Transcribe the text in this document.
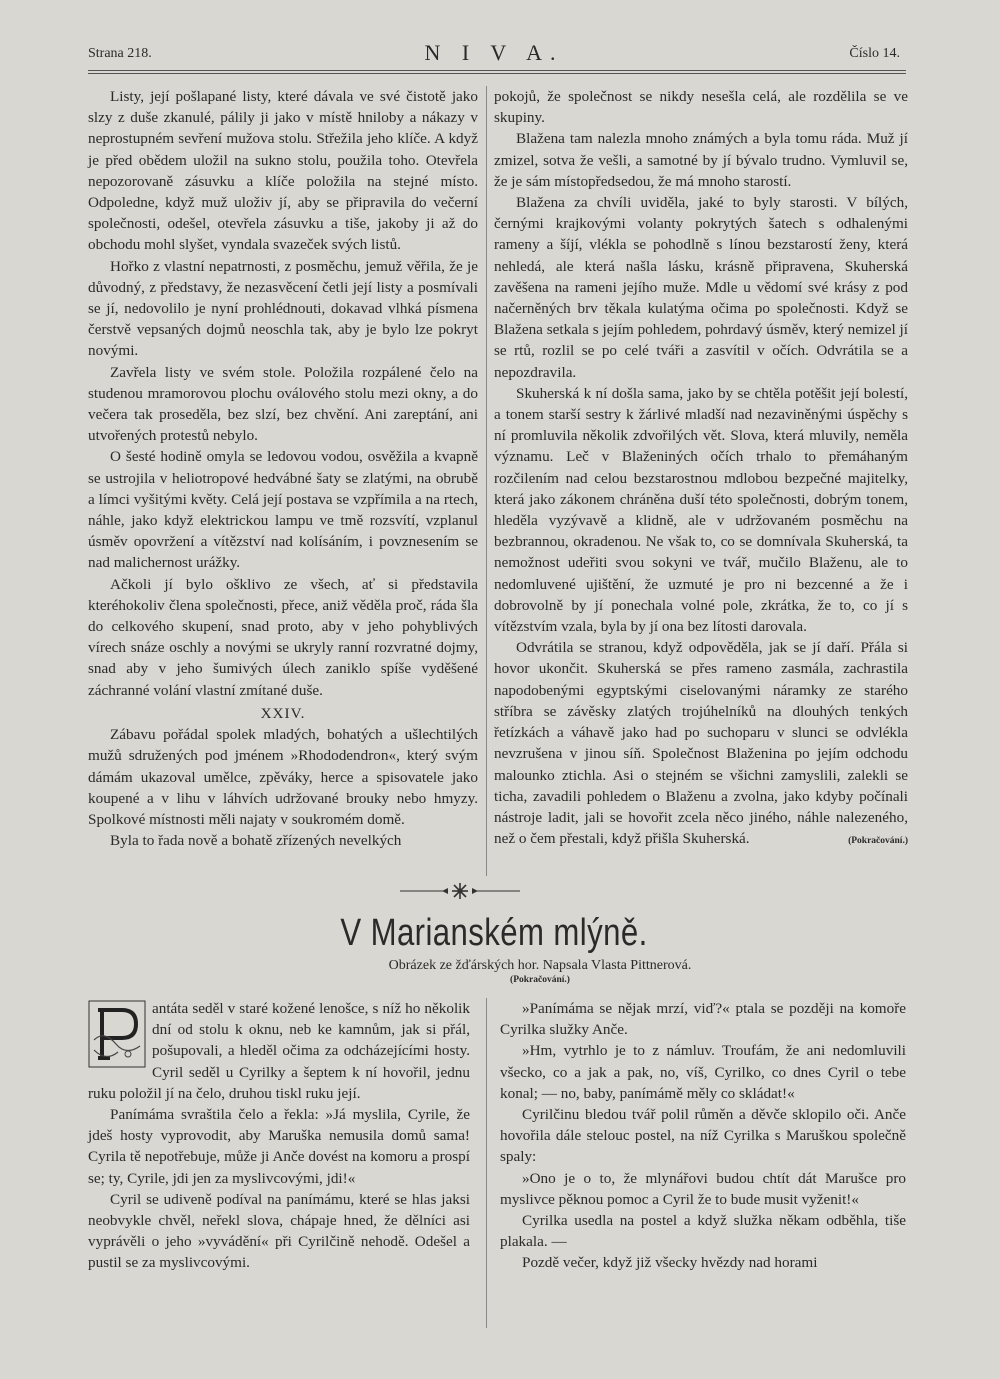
Strana 218.	N I V A.	Číslo 14.

Listy, její pošlapané listy, které dávala ve své čistotě jako slzy z duše zkanulé, pálily ji jako v místě hniloby a nákazy v neprostupném sevření mužova stolu. Střežila jeho klíče. A když je před obědem uložil na sukno stolu, použila toho. Otevřela nepozorovaně zásuvku a klíče položila na stejné místo. Odpoledne, když muž uloživ jí, aby se připravila do večerní společnosti, odešel, otevřela zásuvku a tiše, jakoby ji až do obchodu mohl slyšet, vyndala svazeček svých listů.

Hořko z vlastní nepatrnosti, z posměchu, jemuž věřila, že je důvodný, z představy, že nezasvěcení četli její listy a posmívali se jí, nedovolilo je nyní prohlédnouti, dokavad vlhká písmena čerstvě vepsaných dojmů neoschla tak, aby je bylo lze pokryt novými.

Zavřela listy ve svém stole. Položila rozpálené čelo na studenou mramorovou plochu oválového stolu mezi okny, a do večera tak proseděla, bez slzí, bez chvění. Ani zareptání, ani utvořených protestů nebylo.

O šesté hodině omyla se ledovou vodou, osvěžila a kvapně se ustrojila v heliotropové hedvábné šaty se zlatými, na obrubě a límci vyšitými květy. Celá její postava se vzpřímila a na rtech, náhle, jako když elektrickou lampu ve tmě rozsvítí, vzplanul úsměv opovržení a vítězství nad kolísáním, i povznesením se nad malichernost urážky.

Ačkoli jí bylo ošklivo ze všech, ať si představila kteréhokoliv člena společnosti, přece, aniž věděla proč, ráda šla do celkového skupení, snad proto, aby v jeho pohyblivých vírech snáze oschly a novými se ukryly ranní rozvratné dojmy, snad aby v jeho šumivých úlech zaniklo spíše vyděšené záchranné volání vlastní zmítané duše.

XXIV.

Zábavu pořádal spolek mladých, bohatých a ušlechtilých mužů sdružených pod jménem »Rhododendron«, který svým dámám ukazoval umělce, zpěváky, herce a spisovatele jako koupené a v lihu v láhvích udržované brouky nebo hmyzy. Spolkové místnosti měli najaty v soukromém domě.

Byla to řada nově a bohatě zřízených nevelkých

pokojů, že společnost se nikdy nesešla celá, ale rozdělila se ve skupiny.

Blažena tam nalezla mnoho známých a byla tomu ráda. Muž jí zmizel, sotva že vešli, a samotné by jí bývalo trudno. Vymluvil se, že je sám místopředsedou, že má mnoho starostí.

Blažena za chvíli uviděla, jaké to byly starosti. V bílých, černými krajkovými volanty pokrytých šatech s odhalenými rameny a šíjí, vlékla se pohodlně s línou bezstarostí ženy, která nehledá, ale která našla lásku, krásně připravena, Skuherská zavěšena na rameni jejího muže. Mdle u vědomí své krásy z pod načerněných brv těkala kulatýma očima po společnosti. Když se Blažena setkala s jejím pohledem, pohrdavý úsměv, který nemizel jí se rtů, rozlil se po celé tváři a zasvítil v očích. Odvrátila se a nepozdravila.

Skuherská k ní došla sama, jako by se chtěla potěšit její bolestí, a tonem starší sestry k žárlivé mladší nad nezaviněnými úspěchy s ní promluvila několik zdvořilých vět. Slova, která mluvily, neměla významu. Leč v Blaženiných očích trhalo to přemáhaným rozčilením nad celou bezstarostnou mdlobou bezpečné majitelky, která jako zákonem chráněna duší této společnosti, dobrým tonem, hleděla vyzývavě a klidně, ale v udržovaném posměchu na bezbrannou, okradenou. Ne však to, co se domnívala Skuherská, ta nemožnost udeřiti svou sokyni ve tvář, mučilo Blaženu, ale to nedomluvené ujištění, že uzmuté je pro ni bezcenné a že i dobrovolně by jí ponechala volné pole, zkrátka, že to, co jí s vítězstvím vzala, byla by jí ona bez lítosti darovala.

Odvrátila se stranou, když odpověděla, jak se jí daří. Přála si hovor ukončit. Skuherská se přes rameno zasmála, zachrastila napodobenými egyptskými ciselovanými náramky ze starého stříbra se závěsky zlatých trojúhelníků na dlouhých tenkých řetízkách a váhavě jako had po suchoparu v slunci se odvlékla nevzrušena v jinou síň. Společnost Blaženina po jejím odchodu malounko ztichla. Asi o stejném se všichni zamyslili, zalekli se ticha, zavadili pohledem o Blaženu a zvolna, jako kdyby počínali nástroje ladit, jali se hovořit zcela něco jiného, náhle nalezeného, než o čem přestali, když přišla Skuherská.	(Pokračování.)

V Marianském mlýně.
Obrázek ze žďárských hor. Napsala Vlasta Pittnerová.
(Pokračování.)

antáta seděl v staré kožené lenošce, s níž ho několik dní od stolu k oknu, neb ke kamnům, jak si přál, pošupovali, a hleděl očima za odcházejícími hosty. Cyril seděl u Cyrilky a šeptem k ní hovořil, jednu ruku položil jí na čelo, druhou tiskl ruku její.

Panímáma svraštila čelo a řekla: »Já myslila, Cyrile, že jdeš hosty vyprovodit, aby Maruška nemusila domů sama! Cyrila tě nepotřebuje, může ji Anče dovést na komoru a prospí se; ty, Cyrile, jdi jen za myslivcovými, jdi!«

Cyril se udiveně podíval na panímámu, které se hlas jaksi neobvykle chvěl, neřekl slova, chápaje hned, že dělníci asi vyprávěli o jeho »vyvádění« při Cyrilčině nehodě. Odešel a pustil se za myslivcovými.

»Panímáma se nějak mrzí, viď?« ptala se později na komoře Cyrilka služky Anče.

»Hm, vytrhlo je to z námluv. Troufám, že ani nedomluvili všecko, co a jak a pak, no, víš, Cyrilko, co dnes Cyril o tebe konal; — no, baby, panímámě měly co skládat!«

Cyrilčinu bledou tvář polil růměn a děvče sklopilo oči. Anče hovořila dále stelouc postel, na níž Cyrilka s Maruškou společně spaly:

»Ono je o to, že mlynářovi budou chtít dát Marušce pro myslivce pěknou pomoc a Cyril že to bude musit vyženit!«

Cyrilka usedla na postel a když služka někam odběhla, tiše plakala. —

Pozdě večer, když již všecky hvězdy nad horami
